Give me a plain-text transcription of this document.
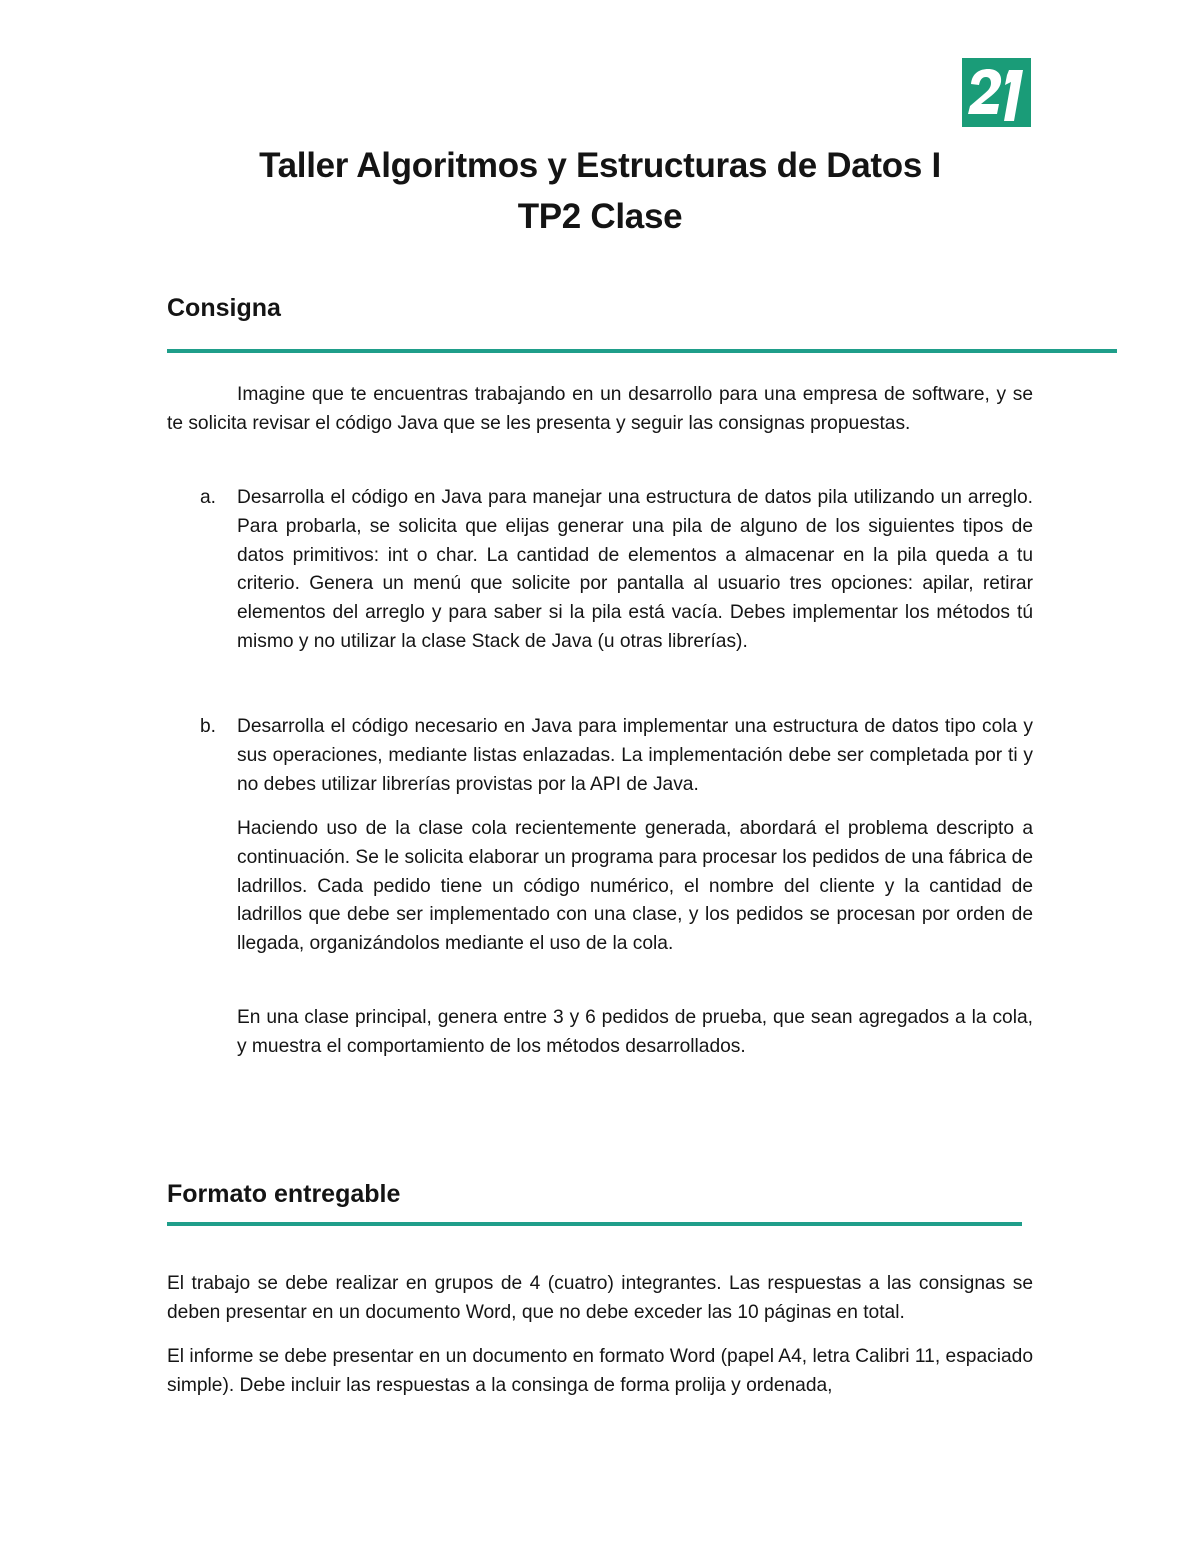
Taller Algoritmos y Estructuras de Datos I
TP2 Clase
Consigna

Imagine que te encuentras trabajando en un desarrollo para una empresa de software, y se te solicita revisar el código Java que se les presenta y seguir las consignas propuestas.

a. Desarrolla el código en Java para manejar una estructura de datos pila utilizando un arreglo. Para probarla, se solicita que elijas generar una pila de alguno de los siguientes tipos de datos primitivos: int o char. La cantidad de elementos a almacenar en la pila queda a tu criterio. Genera un menú que solicite por pantalla al usuario tres opciones: apilar, retirar elementos del arreglo y para saber si la pila está vacía. Debes implementar los métodos tú mismo y no utilizar la clase Stack de Java (u otras librerías).

b. Desarrolla el código necesario en Java para implementar una estructura de datos tipo cola y sus operaciones, mediante listas enlazadas. La implementación debe ser completada por ti y no debes utilizar librerías provistas por la API de Java.

Haciendo uso de la clase cola recientemente generada, abordará el problema descripto a continuación. Se le solicita elaborar un programa para procesar los pedidos de una fábrica de ladrillos. Cada pedido tiene un código numérico, el nombre del cliente y la cantidad de ladrillos que debe ser implementado con una clase, y los pedidos se procesan por orden de llegada, organizándolos mediante el uso de la cola.

En una clase principal, genera entre 3 y 6 pedidos de prueba, que sean agregados a la cola, y muestra el comportamiento de los métodos desarrollados.

Formato entregable

El trabajo se debe realizar en grupos de 4 (cuatro) integrantes. Las respuestas a las consignas se deben presentar en un documento Word, que no debe exceder las 10 páginas en total.

El informe se debe presentar en un documento en formato Word (papel A4, letra Calibri 11, espaciado simple). Debe incluir las respuestas a la consinga de forma prolija y ordenada,
